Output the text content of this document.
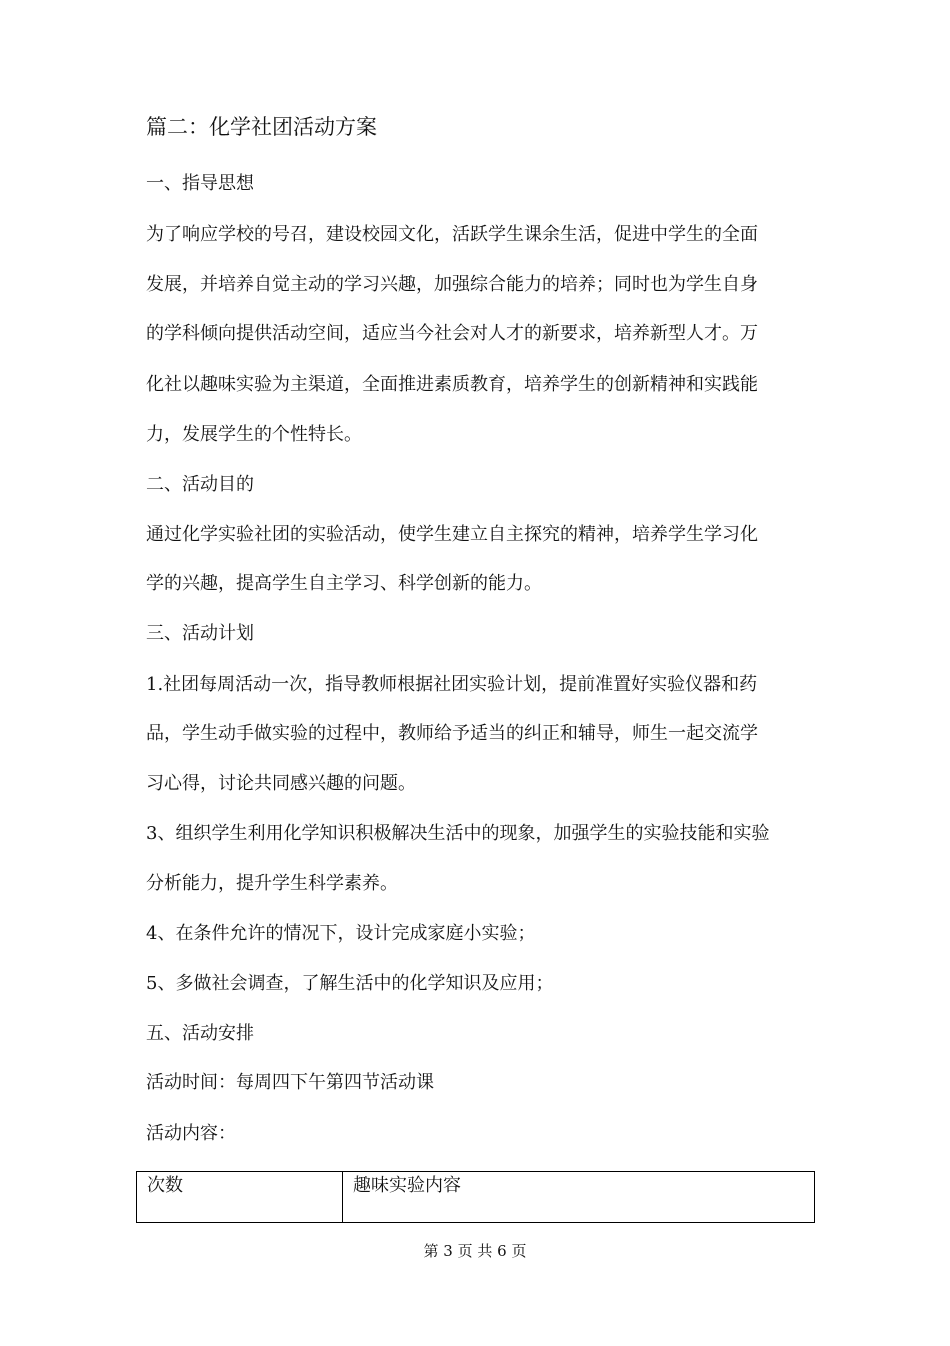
篇二：化学社团活动方案
一、指导思想
为了响应学校的号召，建设校园文化，活跃学生课余生活，促进中学生的全面
发展，并培养自觉主动的学习兴趣，加强综合能力的培养；同时也为学生自身
的学科倾向提供活动空间，适应当今社会对人才的新要求，培养新型人才。万
化社以趣味实验为主渠道，全面推进素质教育，培养学生的创新精神和实践能
力，发展学生的个性特长。
二、活动目的
通过化学实验社团的实验活动，使学生建立自主探究的精神，培养学生学习化
学的兴趣，提高学生自主学习、科学创新的能力。
三、活动计划
1.社团每周活动一次，指导教师根据社团实验计划，提前准置好实验仪器和药
品，学生动手做实验的过程中，教师给予适当的纠正和辅导，师生一起交流学
习心得，讨论共同感兴趣的问题。
3、组织学生利用化学知识积极解决生活中的现象，加强学生的实验技能和实验
分析能力，提升学生科学素养。
4、在条件允许的情况下，设计完成家庭小实验；
5、多做社会调查，了解生活中的化学知识及应用；
五、活动安排
活动时间：每周四下午第四节活动课
活动内容：
次数	趣味实验内容
第 3 页 共 6 页
